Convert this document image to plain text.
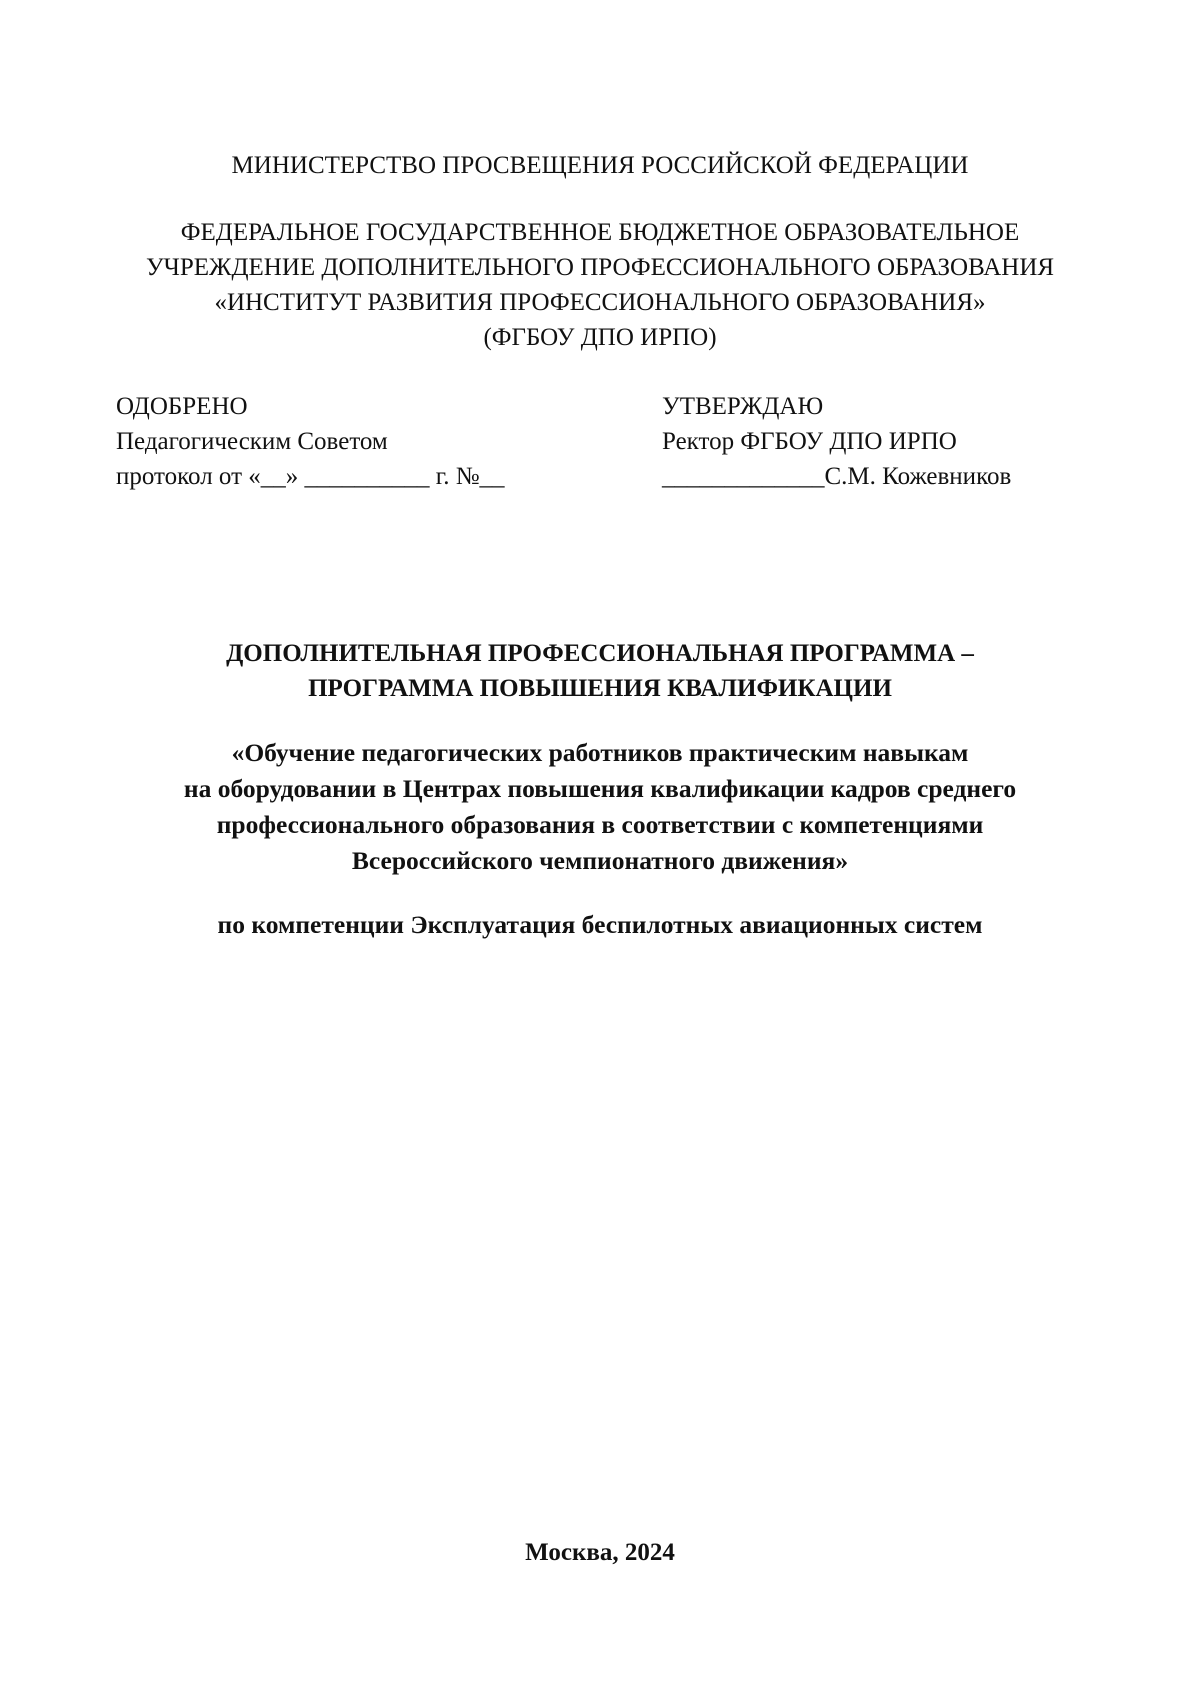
МИНИСТЕРСТВО ПРОСВЕЩЕНИЯ РОССИЙСКОЙ ФЕДЕРАЦИИ
ФЕДЕРАЛЬНОЕ ГОСУДАРСТВЕННОЕ БЮДЖЕТНОЕ ОБРАЗОВАТЕЛЬНОЕ
УЧРЕЖДЕНИЕ ДОПОЛНИТЕЛЬНОГО ПРОФЕССИОНАЛЬНОГО ОБРАЗОВАНИЯ
«ИНСТИТУТ РАЗВИТИЯ ПРОФЕССИОНАЛЬНОГО ОБРАЗОВАНИЯ»
(ФГБОУ ДПО ИРПО)
ОДОБРЕНО
Педагогическим Советом
протокол от «__» __________ г. №__
УТВЕРЖДАЮ
Ректор ФГБОУ ДПО ИРПО
_____________С.М. Кожевников
ДОПОЛНИТЕЛЬНАЯ ПРОФЕССИОНАЛЬНАЯ ПРОГРАММА –
ПРОГРАММА ПОВЫШЕНИЯ КВАЛИФИКАЦИИ
«Обучение педагогических работников практическим навыкам
на оборудовании в Центрах повышения квалификации кадров среднего
профессионального образования в соответствии с компетенциями
Всероссийского чемпионатного движения»
по компетенции Эксплуатация беспилотных авиационных систем
Москва, 2024
